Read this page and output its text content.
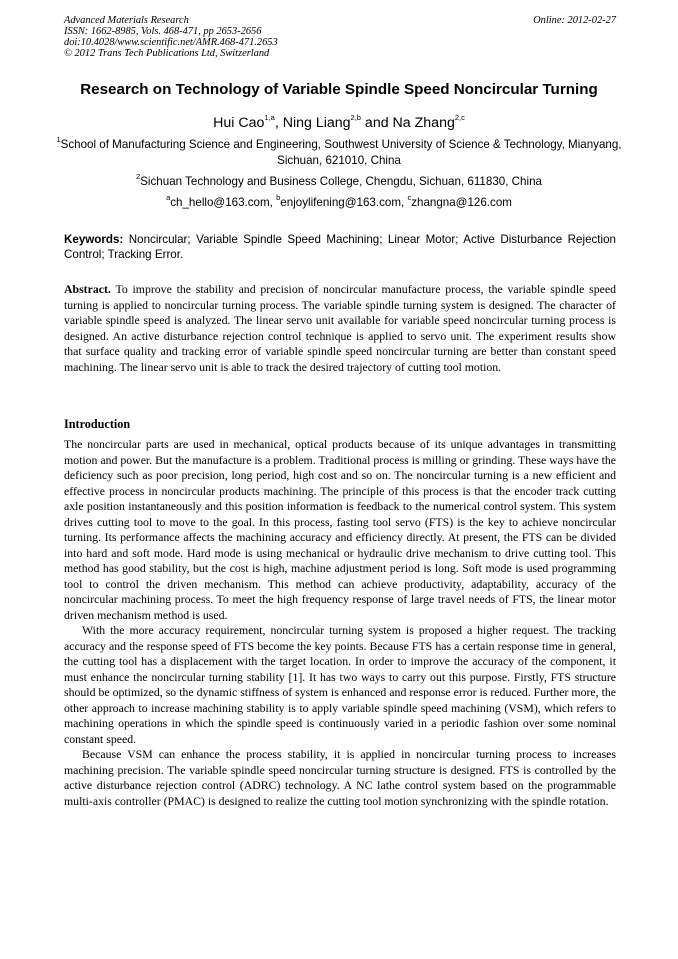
Advanced Materials Research
ISSN: 1662-8985, Vols. 468-471, pp 2653-2656
doi:10.4028/www.scientific.net/AMR.468-471.2653
© 2012 Trans Tech Publications Ltd, Switzerland
Online: 2012-02-27
Research on Technology of Variable Spindle Speed Noncircular Turning
Hui Cao$^{1,a}$, Ning Liang$^{2,b}$ and Na Zhang$^{2,c}$
$^1$School of Manufacturing Science and Engineering, Southwest University of Science & Technology, Mianyang, Sichuan, 621010, China
$^2$Sichuan Technology and Business College, Chengdu, Sichuan, 611830, China
$^a$ch_hello@163.com, $^b$enjoylifening@163.com, $^c$zhangna@126.com
Keywords: Noncircular; Variable Spindle Speed Machining; Linear Motor; Active Disturbance Rejection Control; Tracking Error.
Abstract. To improve the stability and precision of noncircular manufacture process, the variable spindle speed turning is applied to noncircular turning process. The variable spindle turning system is designed. The character of variable spindle speed is analyzed. The linear servo unit available for variable speed noncircular turning process is designed. An active disturbance rejection control technique is applied to servo unit. The experiment results show that surface quality and tracking error of variable spindle speed noncircular turning are better than constant speed machining. The linear servo unit is able to track the desired trajectory of cutting tool motion.
Introduction

The noncircular parts are used in mechanical, optical products because of its unique advantages in transmitting motion and power. But the manufacture is a problem. Traditional process is milling or grinding. These ways have the deficiency such as poor precision, long period, high cost and so on. The noncircular turning is a new efficient and effective process in noncircular products machining. The principle of this process is that the encoder track cutting axle position instantaneously and this position information is feedback to the numerical control system. This system drives cutting tool to move to the goal. In this process, fasting tool servo (FTS) is the key to achieve noncircular turning. Its performance affects the machining accuracy and efficiency directly. At present, the FTS can be divided into hard and soft mode. Hard mode is using mechanical or hydraulic drive mechanism to drive cutting tool. This method has good stability, but the cost is high, machine adjustment period is long. Soft mode is used programming tool to control the driven mechanism. This method can achieve productivity, adaptability, accuracy of the noncircular machining process. To meet the high frequency response of large travel needs of FTS, the linear motor driven mechanism method is used.

With the more accuracy requirement, noncircular turning system is proposed a higher request. The tracking accuracy and the response speed of FTS become the key points. Because FTS has a certain response time in general, the cutting tool has a displacement with the target location. In order to improve the accuracy of the component, it must enhance the noncircular turning stability [1]. It has two ways to carry out this purpose. Firstly, FTS structure should be optimized, so the dynamic stiffness of system is enhanced and response error is reduced. Further more, the other approach to increase machining stability is to apply variable spindle speed machining (VSM), which refers to machining operations in which the spindle speed is continuously varied in a periodic fashion over some nominal constant speed.

Because VSM can enhance the process stability, it is applied in noncircular turning process to increases machining precision. The variable spindle speed noncircular turning structure is designed. FTS is controlled by the active disturbance rejection control (ADRC) technology. A NC lathe control system based on the programmable multi-axis controller (PMAC) is designed to realize the cutting tool motion synchronizing with the spindle rotation.
